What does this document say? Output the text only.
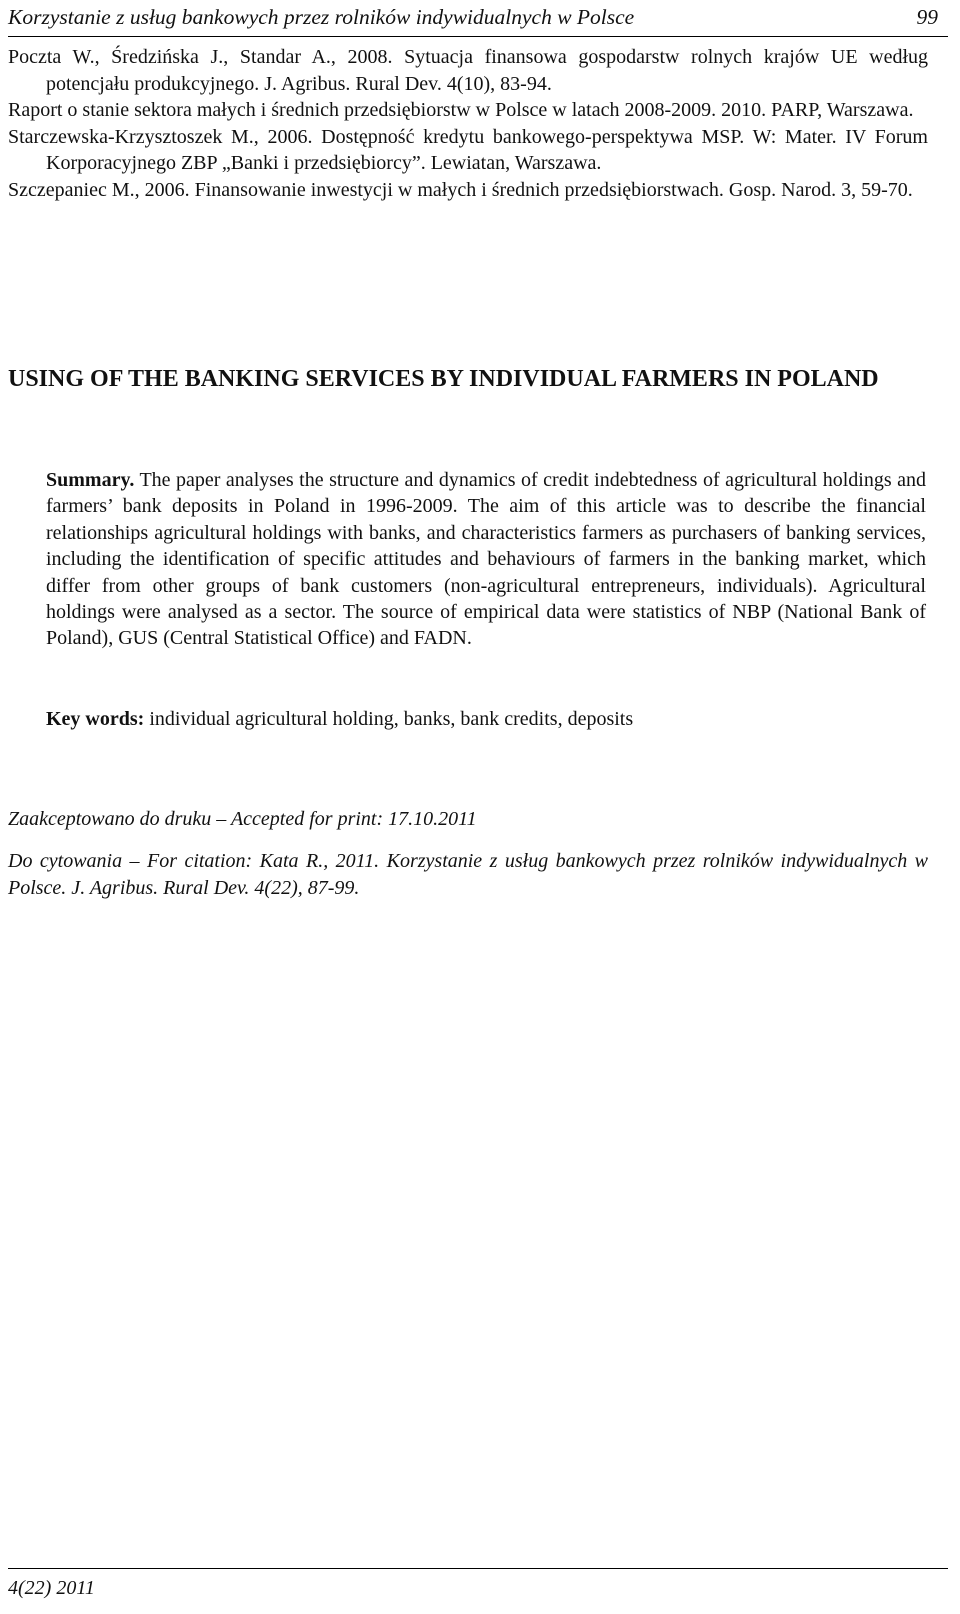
Korzystanie z usług bankowych przez rolników indywidualnych w Polsce	99
Poczta W., Średzińska J., Standar A., 2008. Sytuacja finansowa gospodarstw rolnych krajów UE według potencjału produkcyjnego. J. Agribus. Rural Dev. 4(10), 83-94.
Raport o stanie sektora małych i średnich przedsiębiorstw w Polsce w latach 2008-2009. 2010. PARP, Warszawa.
Starczewska-Krzysztoszek M., 2006. Dostępność kredytu bankowego-perspektywa MSP. W: Mater. IV Forum Korporacyjnego ZBP „Banki i przedsiębiorcy”. Lewiatan, Warszawa.
Szczepaniec M., 2006. Finansowanie inwestycji w małych i średnich przedsiębiorstwach. Gosp. Narod. 3, 59-70.
USING OF THE BANKING SERVICES BY INDIVIDUAL FARMERS IN POLAND

Summary. The paper analyses the structure and dynamics of credit indebtedness of agricultural holdings and farmers’ bank deposits in Poland in 1996-2009. The aim of this article was to describe the financial relationships agricultural holdings with banks, and characteristics farmers as purchasers of banking services, including the identification of specific attitudes and behaviours of farmers in the banking market, which differ from other groups of bank customers (non-agricultural entrepreneurs, individuals). Agricultural holdings were analysed as a sector. The source of empirical data were statistics of NBP (National Bank of Poland), GUS (Central Statistical Office) and FADN.

Key words: individual agricultural holding, banks, bank credits, deposits

Zaakceptowano do druku – Accepted for print: 17.10.2011

Do cytowania – For citation: Kata R., 2011. Korzystanie z usług bankowych przez rolników indywidualnych w Polsce. J. Agribus. Rural Dev. 4(22), 87-99.

4(22) 2011
